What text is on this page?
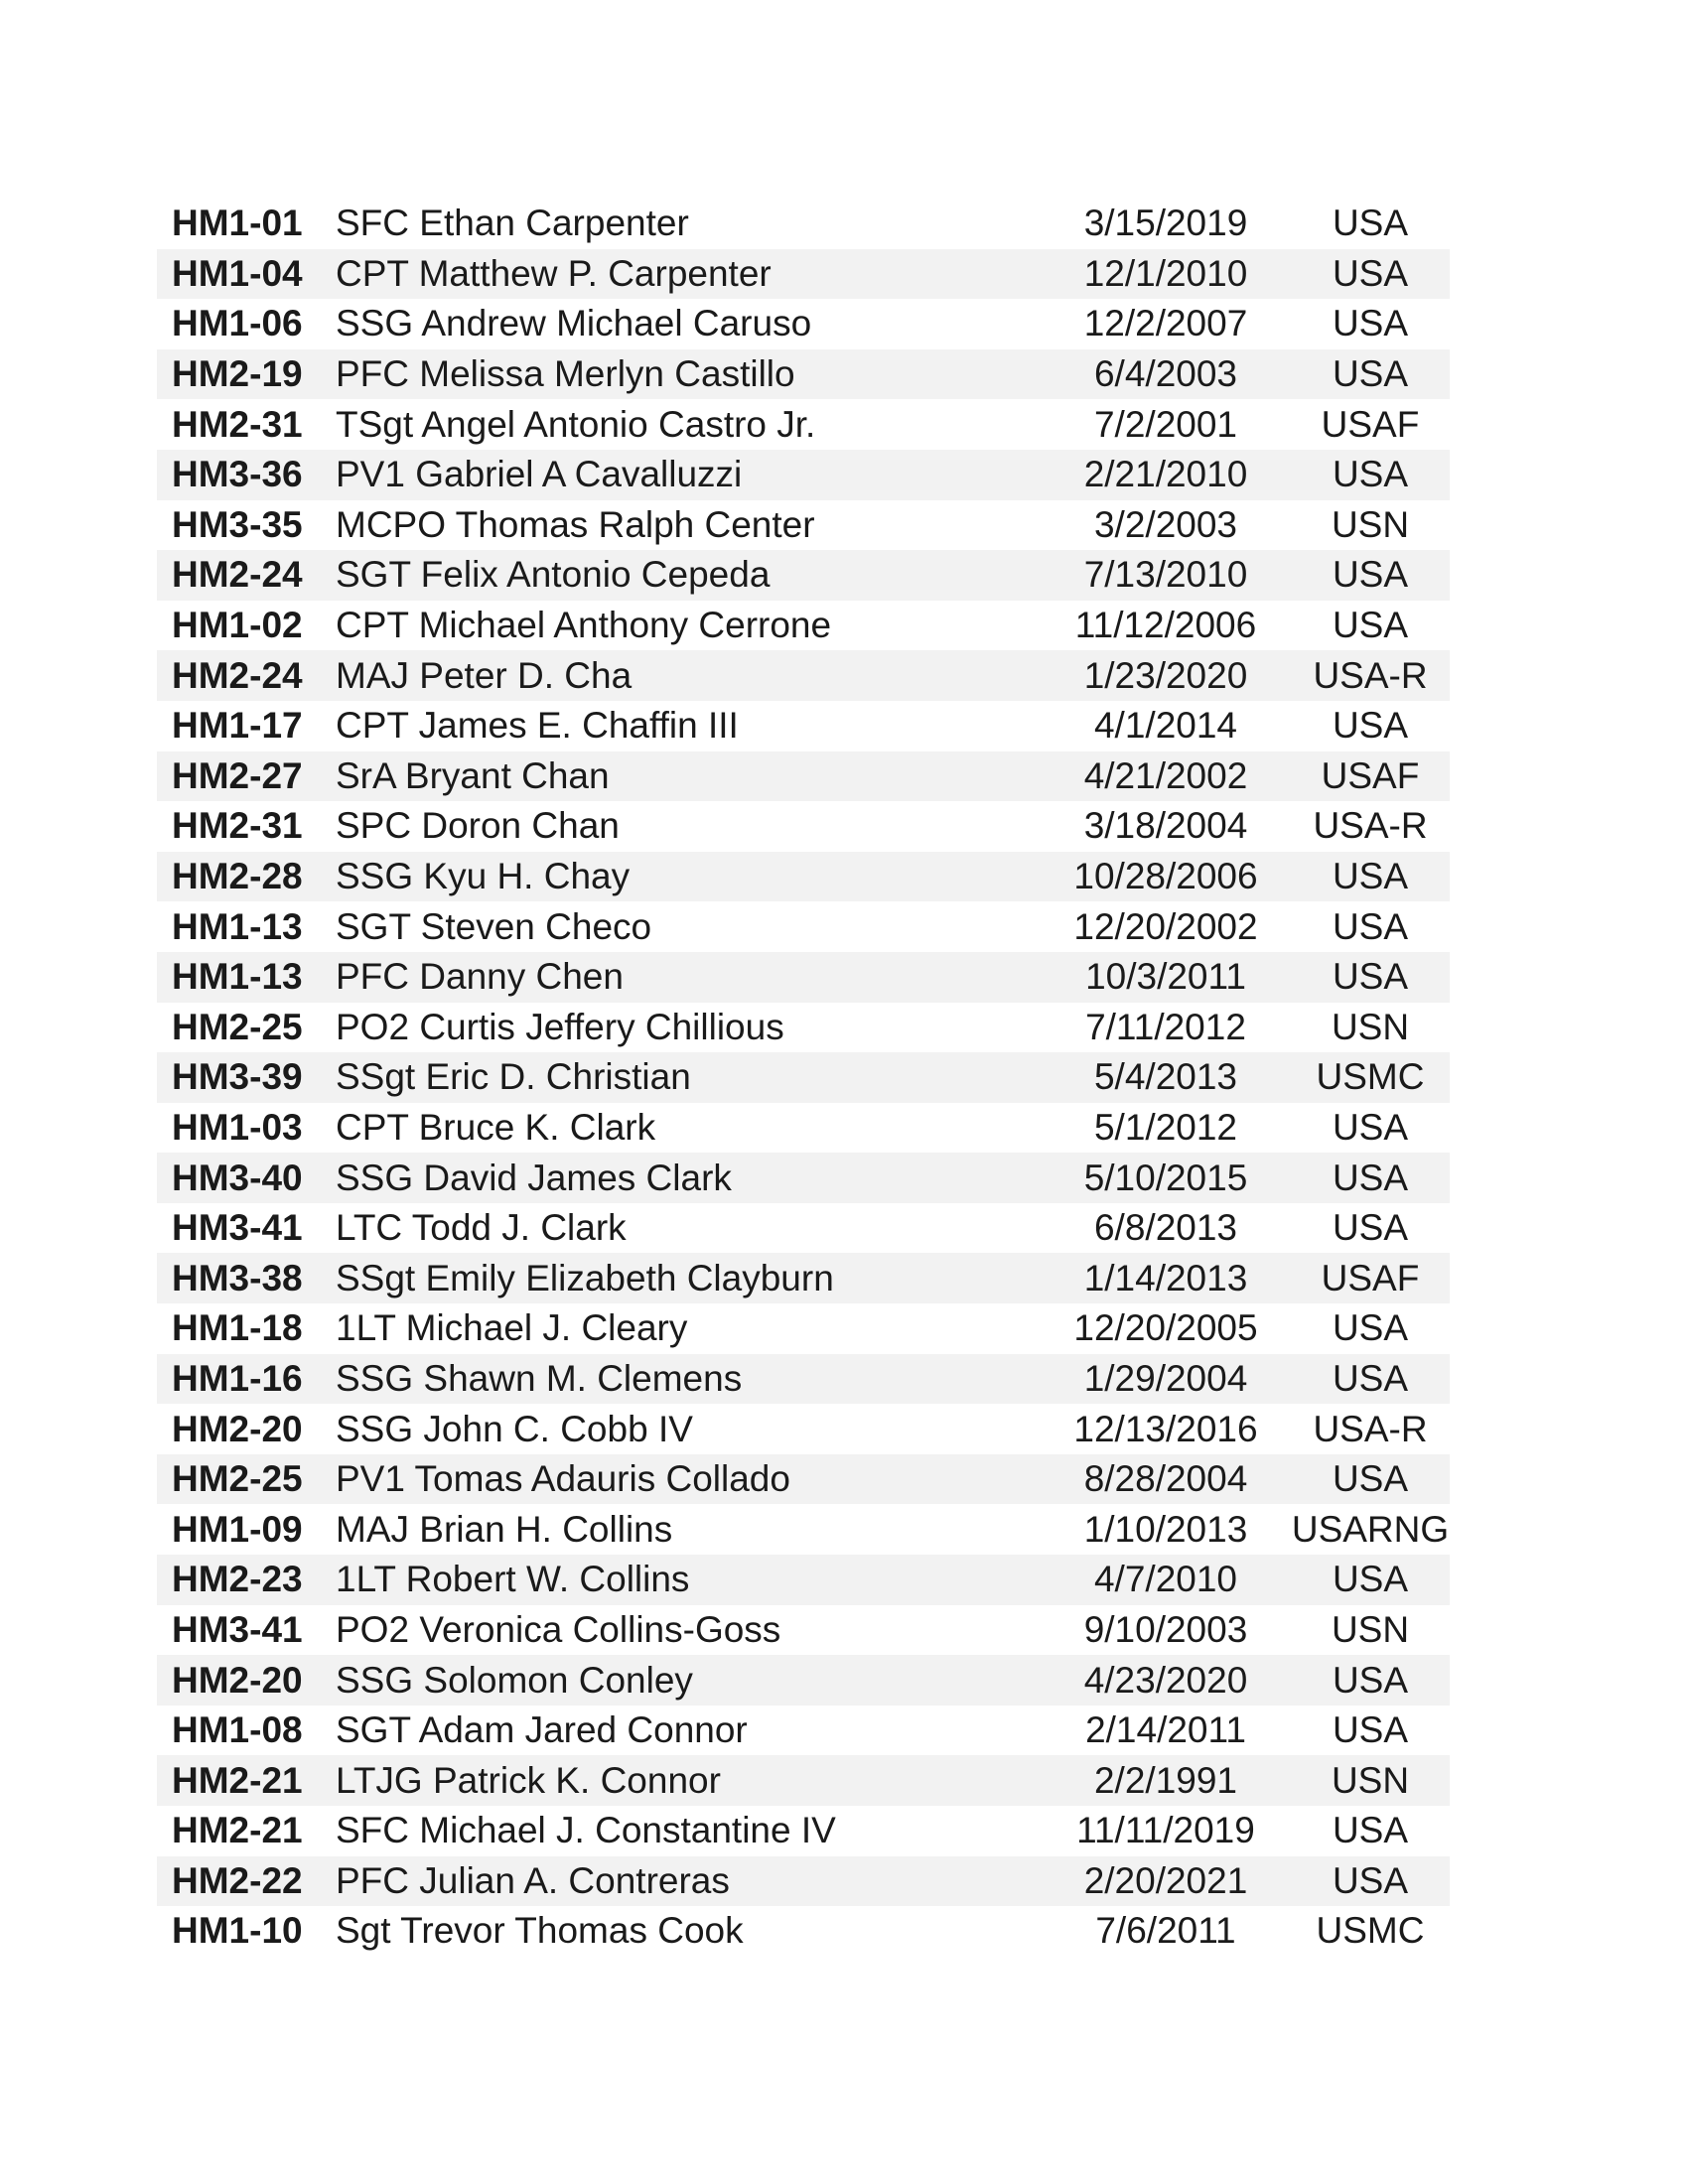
HM1-01 SFC Ethan Carpenter	3/15/2019	USA
HM1-04 CPT Matthew P. Carpenter	12/1/2010	USA
HM1-06 SSG Andrew Michael Caruso	12/2/2007	USA
HM2-19 PFC Melissa Merlyn Castillo	6/4/2003	USA
HM2-31 TSgt Angel Antonio Castro Jr.	7/2/2001	USAF
HM3-36 PV1 Gabriel A Cavalluzzi	2/21/2010	USA
HM3-35 MCPO Thomas Ralph Center	3/2/2003	USN
HM2-24 SGT Felix Antonio Cepeda	7/13/2010	USA
HM1-02 CPT Michael Anthony Cerrone	11/12/2006	USA
HM2-24 MAJ Peter D. Cha	1/23/2020	USA-R
HM1-17 CPT James E. Chaffin III	4/1/2014	USA
HM2-27 SrA Bryant Chan	4/21/2002	USAF
HM2-31 SPC Doron Chan	3/18/2004	USA-R
HM2-28 SSG Kyu H. Chay	10/28/2006	USA
HM1-13 SGT Steven Checo	12/20/2002	USA
HM1-13 PFC Danny Chen	10/3/2011	USA
HM2-25 PO2 Curtis Jeffery Chillious	7/11/2012	USN
HM3-39 SSgt Eric D. Christian	5/4/2013	USMC
HM1-03 CPT Bruce K. Clark	5/1/2012	USA
HM3-40 SSG David James Clark	5/10/2015	USA
HM3-41 LTC Todd J. Clark	6/8/2013	USA
HM3-38 SSgt Emily Elizabeth Clayburn	1/14/2013	USAF
HM1-18 1LT Michael J. Cleary	12/20/2005	USA
HM1-16 SSG Shawn M. Clemens	1/29/2004	USA
HM2-20 SSG John C. Cobb IV	12/13/2016	USA-R
HM2-25 PV1 Tomas Adauris Collado	8/28/2004	USA
HM1-09 MAJ Brian H. Collins	1/10/2013	USARNG
HM2-23 1LT Robert W. Collins	4/7/2010	USA
HM3-41 PO2 Veronica Collins-Goss	9/10/2003	USN
HM2-20 SSG Solomon Conley	4/23/2020	USA
HM1-08 SGT Adam Jared Connor	2/14/2011	USA
HM2-21 LTJG Patrick K. Connor	2/2/1991	USN
HM2-21 SFC Michael J. Constantine IV	11/11/2019	USA
HM2-22 PFC Julian A. Contreras	2/20/2021	USA
HM1-10 Sgt Trevor Thomas Cook	7/6/2011	USMC
